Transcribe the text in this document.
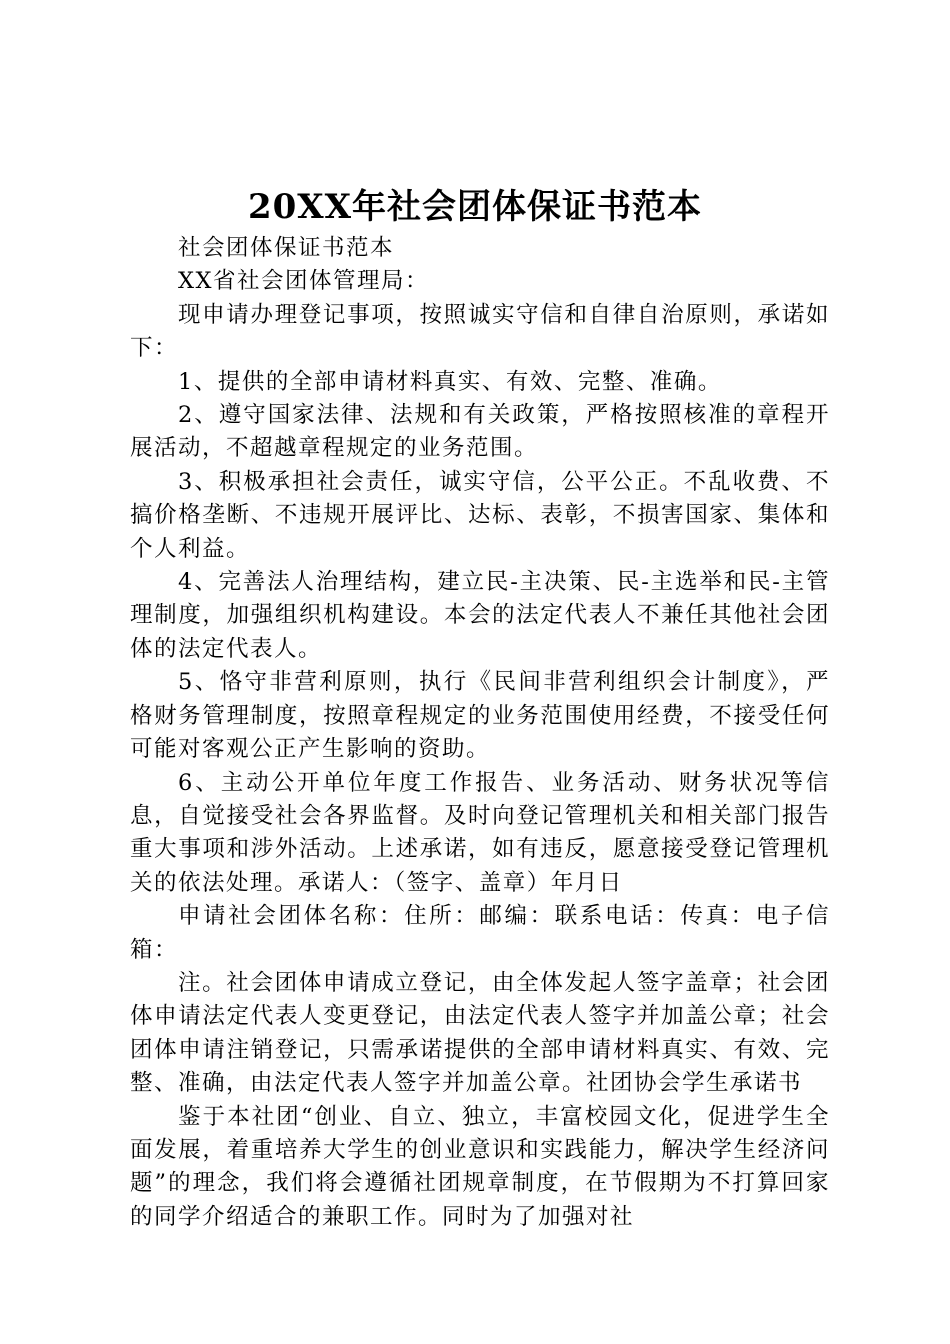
20XX年社会团体保证书范本

社会团体保证书范本

XX省社会团体管理局：

现申请办理登记事项，按照诚实守信和自律自治原则，承诺如下：

1、提供的全部申请材料真实、有效、完整、准确。

2、遵守国家法律、法规和有关政策，严格按照核准的章程开展活动，不超越章程规定的业务范围。

3、积极承担社会责任，诚实守信，公平公正。不乱收费、不搞价格垄断、不违规开展评比、达标、表彰，不损害国家、集体和个人利益。

4、完善法人治理结构，建立民-主决策、民-主选举和民-主管理制度，加强组织机构建设。本会的法定代表人不兼任其他社会团体的法定代表人。

5、恪守非营利原则，执行《民间非营利组织会计制度》，严格财务管理制度，按照章程规定的业务范围使用经费，不接受任何可能对客观公正产生影响的资助。

6、主动公开单位年度工作报告、业务活动、财务状况等信息，自觉接受社会各界监督。及时向登记管理机关和相关部门报告重大事项和涉外活动。上述承诺，如有违反，愿意接受登记管理机关的依法处理。承诺人：（签字、盖章）年月日

申请社会团体名称：住所：邮编：联系电话：传真：电子信箱：

注。社会团体申请成立登记，由全体发起人签字盖章；社会团体申请法定代表人变更登记，由法定代表人签字并加盖公章；社会团体申请注销登记，只需承诺提供的全部申请材料真实、有效、完整、准确，由法定代表人签字并加盖公章。社团协会学生承诺书

鉴于本社团“创业、自立、独立，丰富校园文化，促进学生全面发展，着重培养大学生的创业意识和实践能力，解决学生经济问题”的理念，我们将会遵循社团规章制度，在节假期为不打算回家的同学介绍适合的兼职工作。同时为了加强对社
